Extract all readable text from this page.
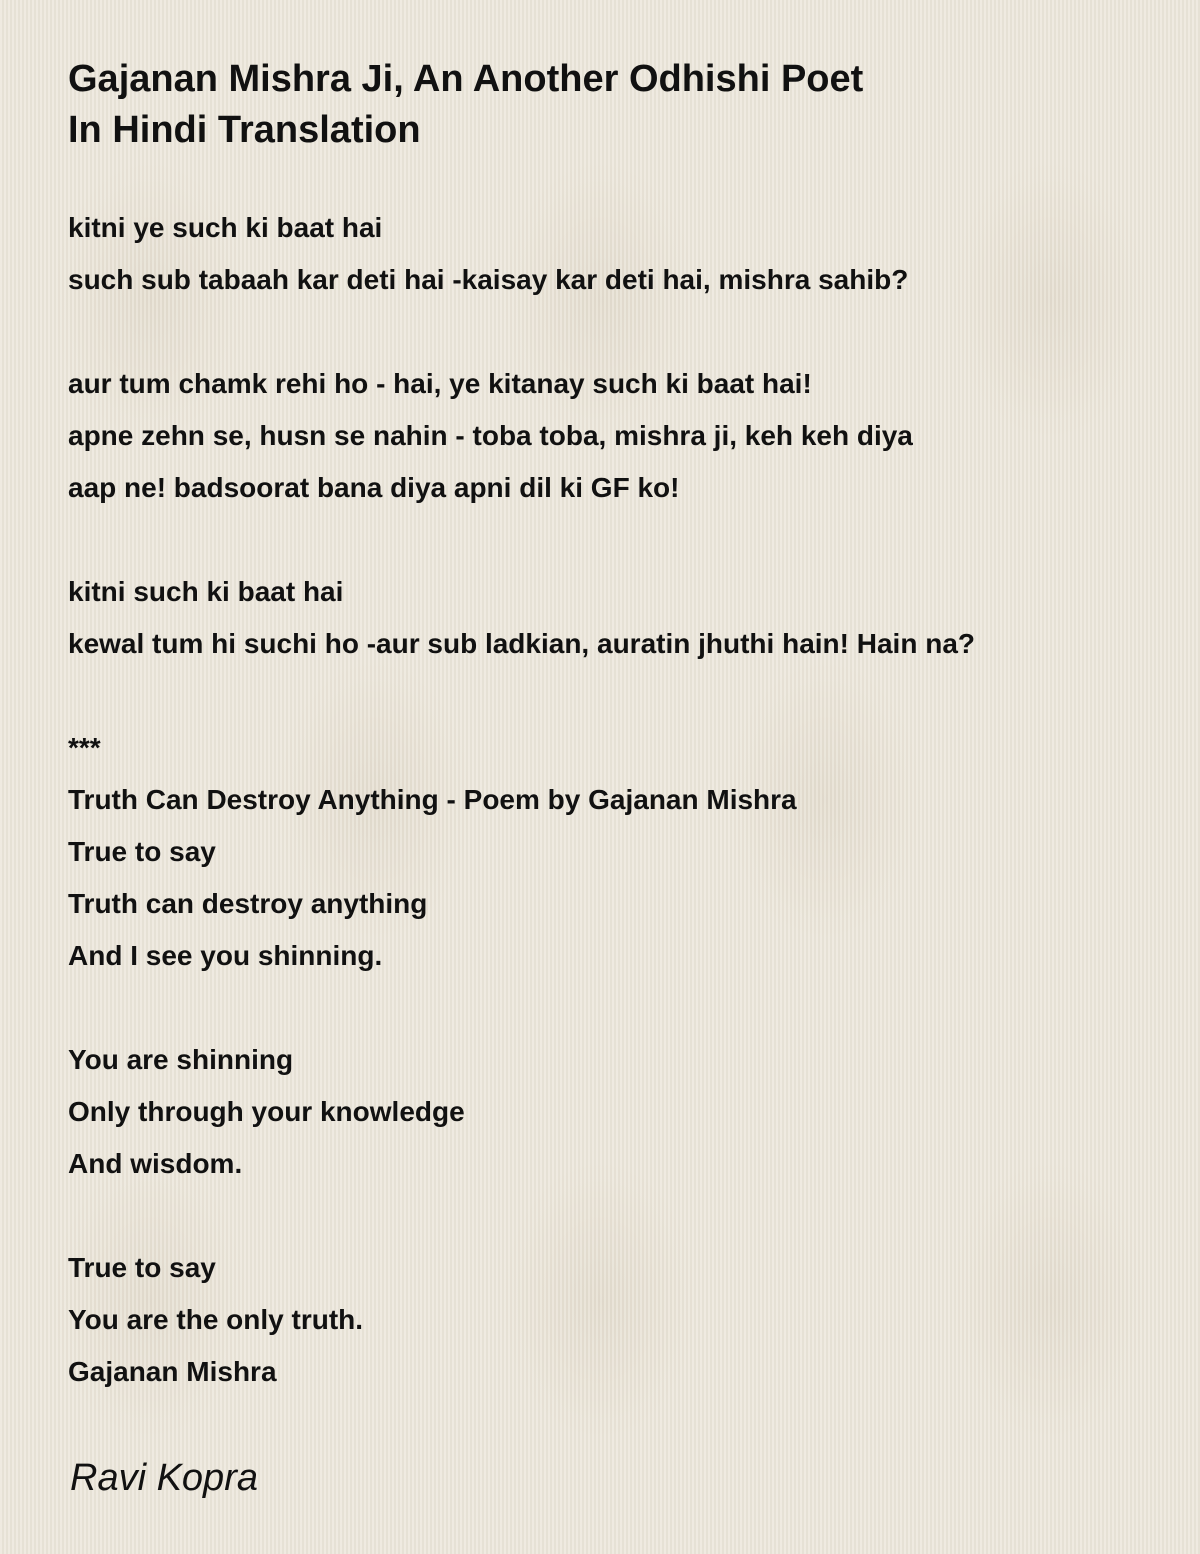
Gajanan Mishra Ji, An Another Odhishi Poet
In Hindi Translation
kitni ye such ki baat hai
such sub tabaah kar deti hai -kaisay kar deti hai, mishra sahib?
aur tum chamk rehi ho - hai, ye kitanay such ki baat hai!
apne zehn se, husn se nahin - toba toba, mishra ji, keh keh diya
aap ne! badsoorat bana diya apni dil ki GF ko!
kitni such ki baat hai
kewal tum hi suchi ho -aur sub ladkian, auratin jhuthi hain! Hain na?
***
Truth Can Destroy Anything - Poem by Gajanan Mishra
True to say
Truth can destroy anything
And I see you shinning.
You are shinning
Only through your knowledge
And wisdom.
True to say
You are the only truth.
Gajanan Mishra
Ravi Kopra
